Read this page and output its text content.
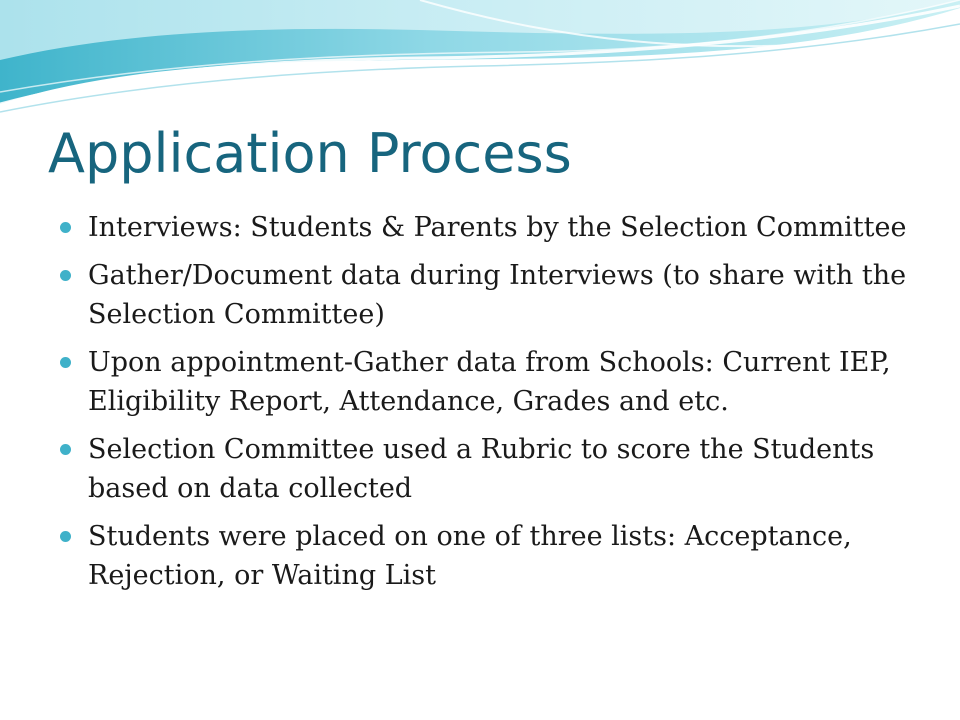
Application Process
Interviews: Students & Parents by the Selection Committee
Gather/Document data during Interviews (to share with the Selection Committee)
Upon appointment-Gather data from Schools: Current IEP, Eligibility Report, Attendance, Grades and etc.
Selection Committee used a Rubric to score the Students based on data collected
Students were placed on one of three lists: Acceptance, Rejection, or Waiting List
